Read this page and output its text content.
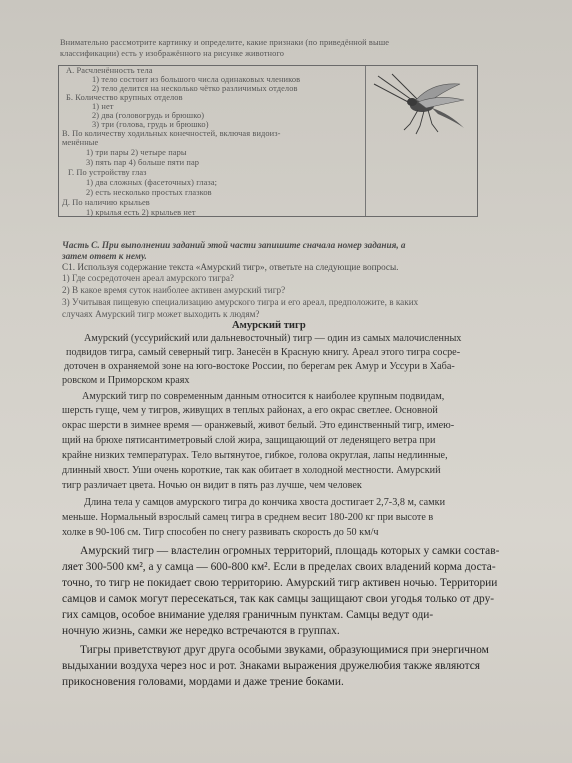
Внимательно рассмотрите картинку и определите, какие признаки (по приведённой выше
классификации) есть у изображённого на рисунке животного
А. Расчленённость тела
1) тело состоит из большого числа одинаковых члеников
2) тело делится на несколько чётко различимых отделов
Б. Количество крупных отделов
1) нет
2) два (головогрудь и брюшко)
3) три (голова, грудь и брюшко)
В. По количеству ходильных конечностей, включая видоиз-
менённые
1) три пары 2) четыре пары
3) пять пар 4) больше пяти пар
Г. По устройству глаз
1) два сложных (фасеточных) глаза;
2) есть несколько простых глазков
Д. По наличию крыльев
1) крылья есть 2) крыльев нет
Часть С. При выполнении заданий этой части запишите сначала номер задания, а
затем ответ к нему.
С1. Используя содержание текста «Амурский тигр», ответьте на следующие вопросы.
1) Где сосредоточен ареал амурского тигра?
2) В какое время суток наиболее активен амурский тигр?
3) Учитывая пищевую специализацию амурского тигра и его ареал, предположите, в каких
случаях Амурский тигр может выходить к людям?
Амурский тигр
Амурский (уссурийский или дальневосточный) тигр — один из самых малочисленных
подвидов тигра, самый северный тигр. Занесён в Красную книгу. Ареал этого тигра сосре-
доточен в охраняемой зоне на юго-востоке России, по берегам рек Амур и Уссури в Хаба-
ровском и Приморском краях
Амурский тигр по современным данным относится к наиболее крупным подвидам,
шерсть гуще, чем у тигров, живущих в теплых районах, а его окрас светлее. Основной
окрас шерсти в зимнее время — оранжевый, живот белый. Это единственный тигр, имею-
щий на брюхе пятисантиметровый слой жира, защищающий от леденящего ветра при
крайне низких температурах. Тело вытянутое, гибкое, голова округлая, лапы недлинные,
длинный хвост. Уши очень короткие, так как обитает в холодной местности. Амурский
тигр различает цвета. Ночью он видит в пять раз лучше, чем человек
Длина тела у самцов амурского тигра до кончика хвоста достигает 2,7-3,8 м, самки
меньше. Нормальный взрослый самец тигра в среднем весит 180-200 кг при высоте в
холке в 90-106 см. Тигр способен по снегу развивать скорость до 50 км/ч
Амурский тигр — властелин огромных территорий, площадь которых у самки состав-
ляет 300-500 км², а у самца — 600-800 км². Если в пределах своих владений корма доста-
точно, то тигр не покидает свою территорию. Амурский тигр активен ночью. Территории
самцов и самок могут пересекаться, так как самцы защищают свои угодья только от дру-
гих самцов, особое внимание уделяя граничным пунктам. Самцы ведут оди-
ночную жизнь, самки же нередко встречаются в группах.
Тигры приветствуют друг друга особыми звуками, образующимися при энергичном
выдыхании воздуха через нос и рот. Знаками выражения дружелюбия также являются
прикосновения головами, мордами и даже трение боками.
